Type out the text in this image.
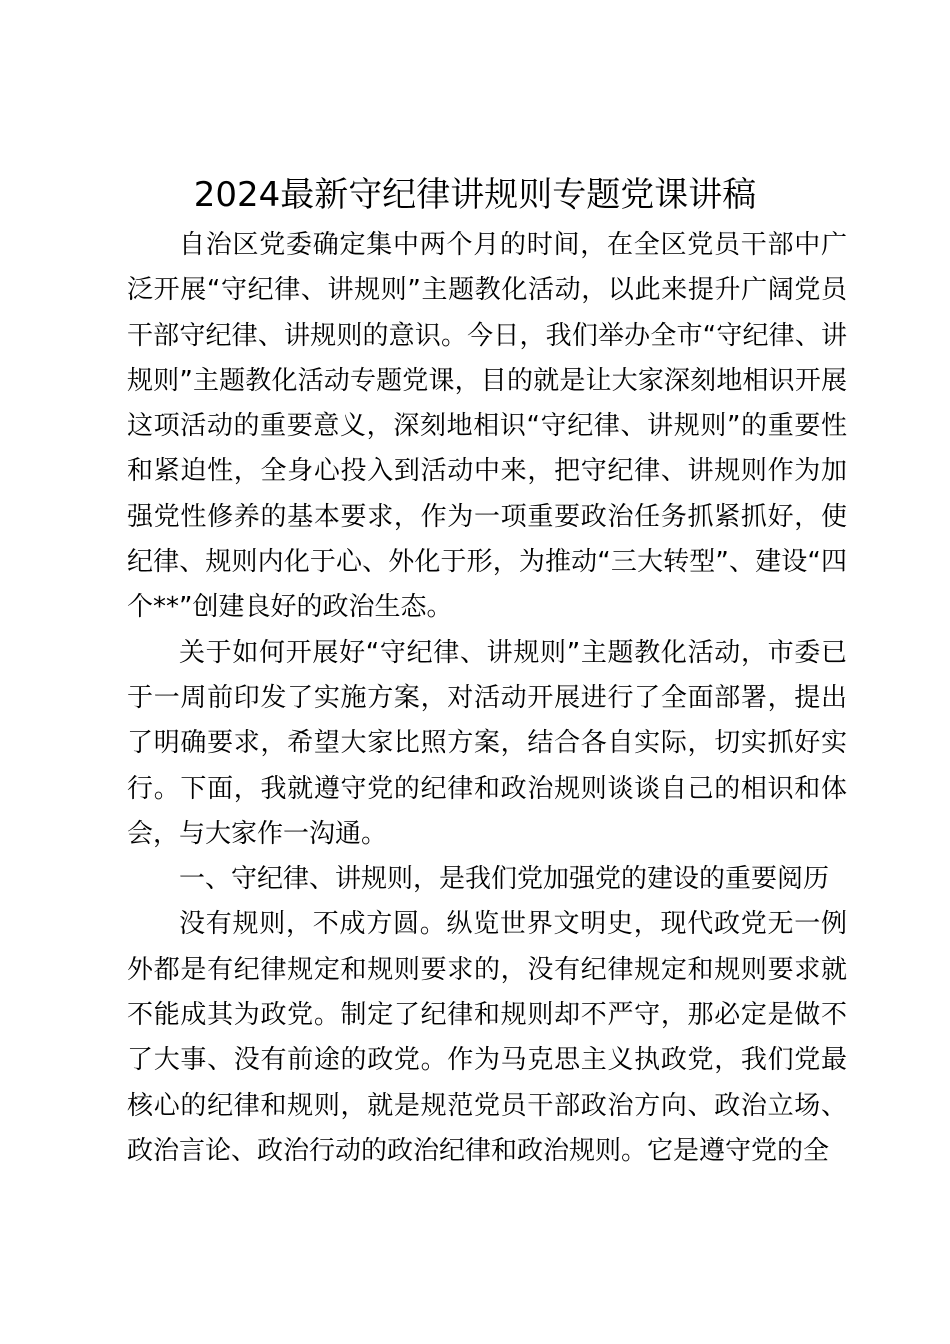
2024最新守纪律讲规则专题党课讲稿

自治区党委确定集中两个月的时间，在全区党员干部中广泛开展“守纪律、讲规则”主题教化活动，以此来提升广阔党员干部守纪律、讲规则的意识。今日，我们举办全市“守纪律、讲规则”主题教化活动专题党课，目的就是让大家深刻地相识开展这项活动的重要意义，深刻地相识“守纪律、讲规则”的重要性和紧迫性，全身心投入到活动中来，把守纪律、讲规则作为加强党性修养的基本要求，作为一项重要政治任务抓紧抓好，使纪律、规则内化于心、外化于形，为推动“三大转型”、建设“四个**”创建良好的政治生态。

关于如何开展好“守纪律、讲规则”主题教化活动，市委已于一周前印发了实施方案，对活动开展进行了全面部署，提出了明确要求，希望大家比照方案，结合各自实际，切实抓好实行。下面，我就遵守党的纪律和政治规则谈谈自己的相识和体会，与大家作一沟通。

一、守纪律、讲规则，是我们党加强党的建设的重要阅历

没有规则，不成方圆。纵览世界文明史，现代政党无一例外都是有纪律规定和规则要求的，没有纪律规定和规则要求就不能成其为政党。制定了纪律和规则却不严守，那必定是做不了大事、没有前途的政党。作为马克思主义执政党，我们党最核心的纪律和规则，就是规范党员干部政治方向、政治立场、政治言论、政治行动的政治纪律和政治规则。它是遵守党的全
